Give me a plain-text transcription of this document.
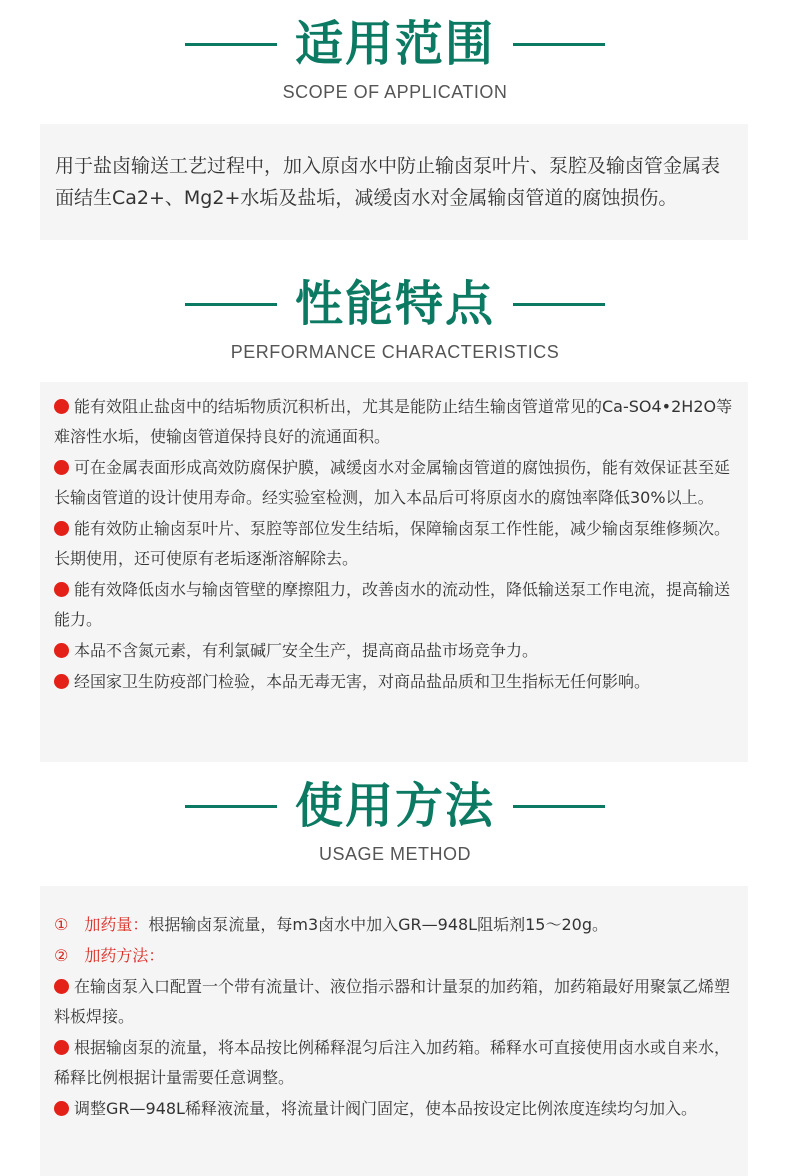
适用范围
SCOPE OF APPLICATION

用于盐卤输送工艺过程中，加入原卤水中防止输卤泵叶片、泵腔及输卤管金属表面结生Ca2+、Mg2+水垢及盐垢，减缓卤水对金属输卤管道的腐蚀损伤。

性能特点
PERFORMANCE CHARACTERISTICS

能有效阻止盐卤中的结垢物质沉积析出，尤其是能防止结生输卤管道常见的Ca-SO4•2H2O等难溶性水垢，使输卤管道保持良好的流通面积。

可在金属表面形成高效防腐保护膜，减缓卤水对金属输卤管道的腐蚀损伤，能有效保证甚至延长输卤管道的设计使用寿命。经实验室检测，加入本品后可将原卤水的腐蚀率降低30%以上。

能有效防止输卤泵叶片、泵腔等部位发生结垢，保障输卤泵工作性能，减少输卤泵维修频次。长期使用，还可使原有老垢逐渐溶解除去。

能有效降低卤水与输卤管壁的摩擦阻力，改善卤水的流动性，降低输送泵工作电流，提高输送能力。

本品不含氮元素，有利氯碱厂安全生产，提高商品盐市场竞争力。

经国家卫生防疫部门检验，本品无毒无害，对商品盐品质和卫生指标无任何影响。

使用方法
USAGE METHOD

① 加药量：根据输卤泵流量，每m3卤水中加入GR—948L阻垢剂15～20g。

② 加药方法：

在输卤泵入口配置一个带有流量计、液位指示器和计量泵的加药箱，加药箱最好用聚氯乙烯塑料板焊接。

根据输卤泵的流量，将本品按比例稀释混匀后注入加药箱。稀释水可直接使用卤水或自来水，稀释比例根据计量需要任意调整。

调整GR—948L稀释液流量，将流量计阀门固定，使本品按设定比例浓度连续均匀加入。
